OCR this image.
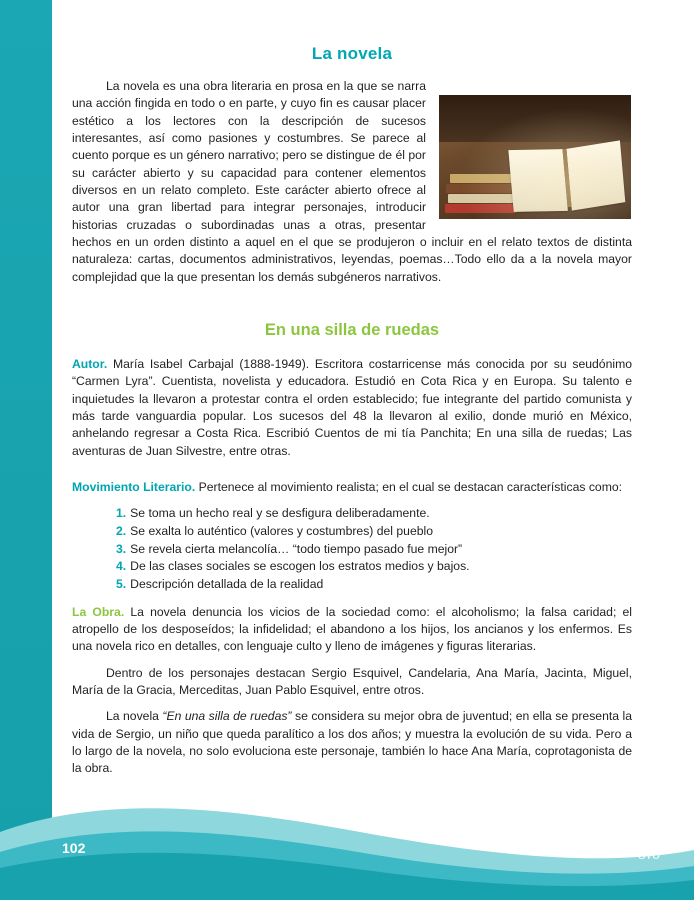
La novela

La novela es una obra literaria en prosa en la que se narra una acción fingida en todo o en parte, y cuyo fin es causar placer estético a los lectores con la descripción de sucesos interesantes, así como pasiones y costumbres. Se parece al cuento porque es un género narrativo; pero se distingue de él por su carácter abierto y su capacidad para contener elementos diversos en un relato completo. Este carácter abierto ofrece al autor una gran libertad para integrar personajes, introducir historias cruzadas o subordinadas unas a otras, presentar hechos en un orden distinto a aquel en el que se produjeron o incluir en el relato textos de distinta naturaleza: cartas, documentos administrativos, leyendas, poemas…Todo ello da a la novela mayor complejidad que la que presentan los demás subgéneros narrativos.

En una silla de ruedas

Autor. María Isabel Carbajal (1888-1949). Escritora costarricense más conocida por su seudónimo “Carmen Lyra”. Cuentista, novelista y educadora. Estudió en Cota Rica y en Europa. Su talento e inquietudes la llevaron a protestar contra el orden establecido; fue integrante del partido comunista y más tarde vanguardia popular. Los sucesos del 48 la llevaron al exilio, donde murió en México, anhelando regresar a Costa Rica. Escribió Cuentos de mi tía Panchita; En una silla de ruedas; Las aventuras de Juan Silvestre, entre otras.

Movimiento Literario. Pertenece al movimiento realista; en el cual se destacan características como:

1. Se toma un hecho real y se desfigura deliberadamente.
2. Se exalta lo auténtico (valores y costumbres) del pueblo
3. Se revela cierta melancolía… “todo tiempo pasado fue mejor”
4. De las clases sociales se escogen los estratos medios y bajos.
5. Descripción detallada de la realidad

La Obra. La novela denuncia los vicios de la sociedad como: el alcoholismo; la falsa caridad; el atropello de los desposeídos; la infidelidad; el abandono a los hijos, los ancianos y los enfermos. Es una novela rico en detalles, con lenguaje culto y lleno de imágenes y figuras literarias.

Dentro de los personajes destacan Sergio Esquivel, Candelaria, Ana María, Jacinta, Miguel, María de la Gracia, Merceditas, Juan Pablo Esquivel, entre otros.

La novela “En una silla de ruedas” se considera su mejor obra de juventud; en ella se presenta la vida de Sergio, un niño que queda paralítico a los dos años; y muestra la evolución de su vida. Pero a lo largo de la novela, no solo evoluciona este personaje, también lo hace Ana María, coprotagonista de la obra.

102	ESPAÑOL
8vo
